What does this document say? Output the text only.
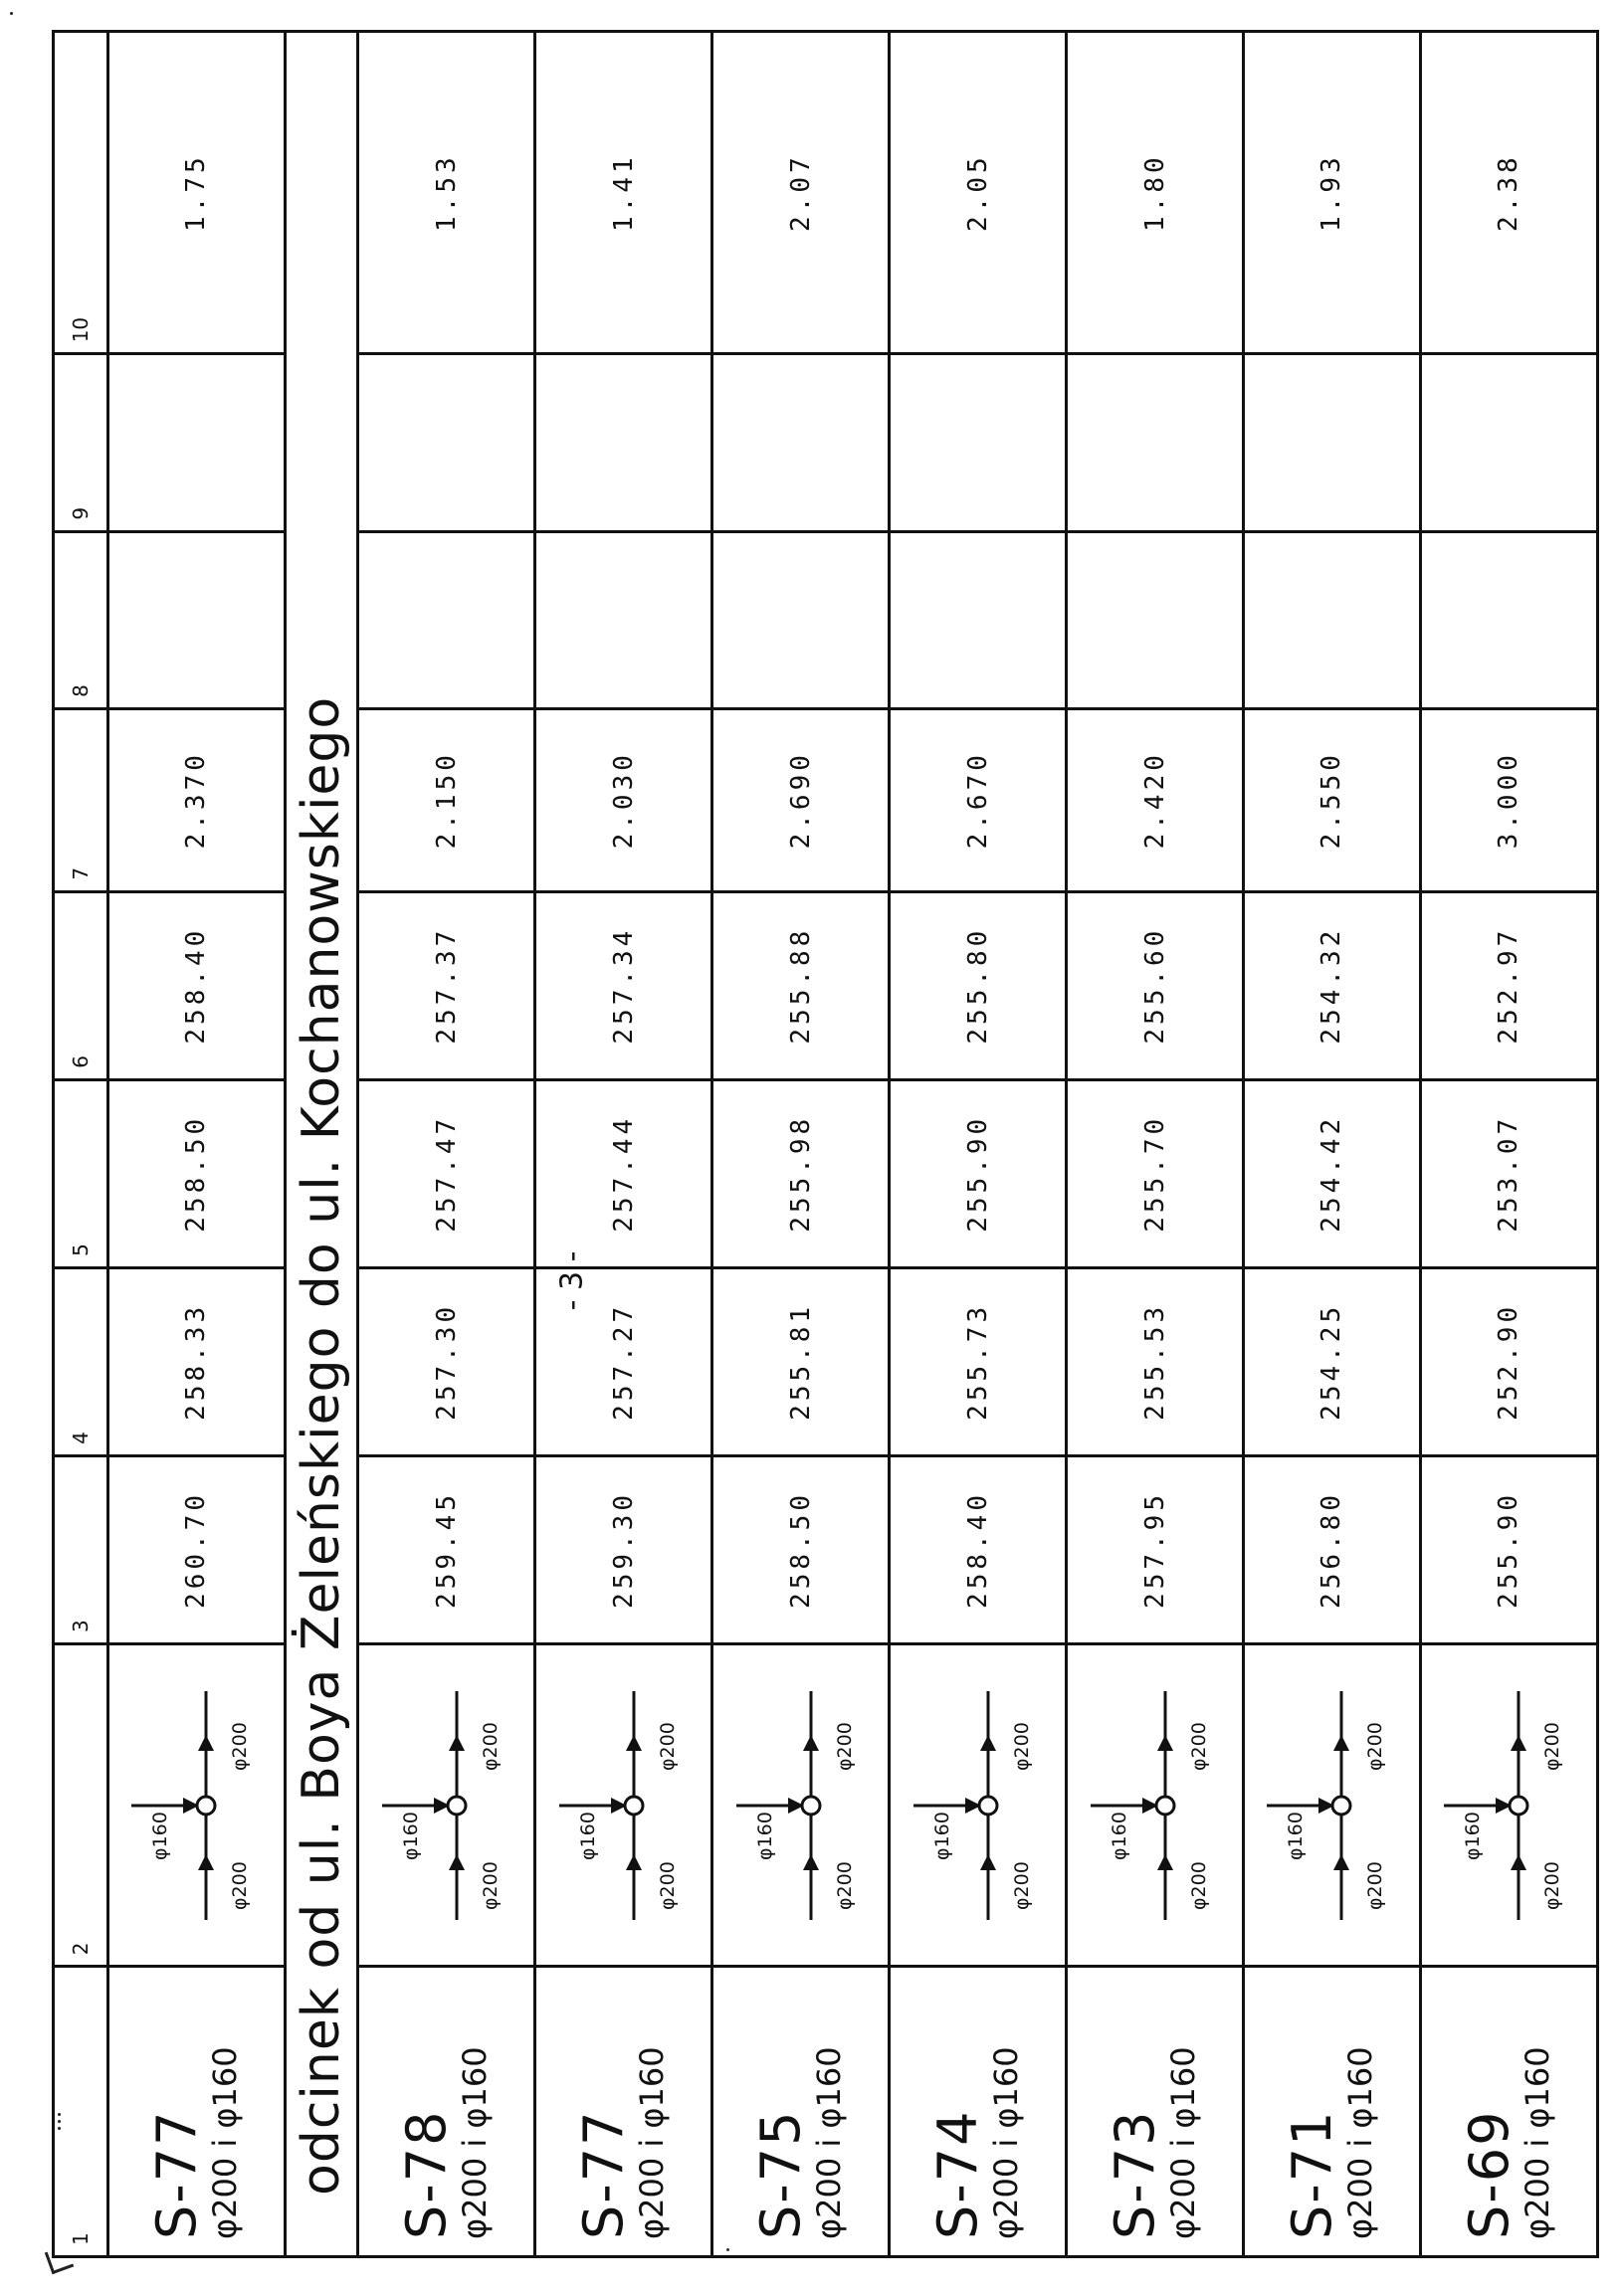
- 3 -
1	2	3	4	5	6	7	8	9	10

S-77
φ200 i φ160	φ160
φ200
φ200	260.70	258.33	258.50	258.40	2.370			1.75
odcinek od ul. Boya Żeleńskiego do ul. Kochanowskiego									

S-78
φ200 i φ160	φ160
φ200
φ200	259.45	257.30	257.47	257.37	2.150			1.53

S-77
φ200 i φ160	φ160
φ200
φ200	259.30	257.27	257.44	257.34	2.030			1.41

S-75
φ200 i φ160	φ160
φ200
φ200	258.50	255.81	255.98	255.88	2.690			2.07

S-74
φ200 i φ160	φ160
φ200
φ200	258.40	255.73	255.90	255.80	2.670			2.05

S-73
φ200 i φ160	φ160
φ200
φ200	257.95	255.53	255.70	255.60	2.420			1.80

S-71
φ200 i φ160	φ160
φ200
φ200	256.80	254.25	254.42	254.32	2.550			1.93

S-69
φ200 i φ160	φ160
φ200
φ200	255.90	252.90	253.07	252.97	3.000			2.38
